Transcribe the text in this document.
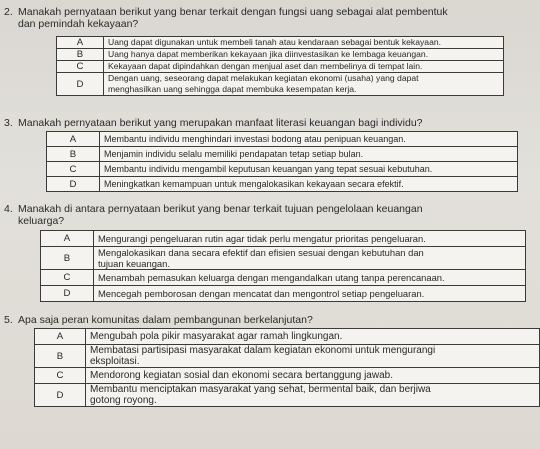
2. Manakah pernyataan berikut yang benar terkait dengan fungsi uang sebagai alat pembentuk
dan pemindah kekayaan?
A	Uang dapat digunakan untuk membeli tanah atau kendaraan sebagai bentuk kekayaan.

B	Uang hanya dapat memberikan kekayaan jika diinvestasikan ke lembaga keuangan.

C	Kekayaan dapat dipindahkan dengan menjual aset dan membelinya di tempat lain.

D	Dengan uang, seseorang dapat melakukan kegiatan ekonomi (usaha) yang dapat
menghasilkan uang sehingga dapat membuka kesempatan kerja.
3. Manakah pernyataan berikut yang merupakan manfaat literasi keuangan bagi individu?
A	Membantu individu menghindari investasi bodong atau penipuan keuangan.
B	Menjamin individu selalu memiliki pendapatan tetap setiap bulan.
C	Membantu individu mengambil keputusan keuangan yang tepat sesuai kebutuhan.
D	Meningkatkan kemampuan untuk mengalokasikan kekayaan secara efektif.
4. Manakah di antara pernyataan berikut yang benar terkait tujuan pengelolaan keuangan
keluarga?
A	Mengurangi pengeluaran rutin agar tidak perlu mengatur prioritas pengeluaran.
B	Mengalokasikan dana secara efektif dan efisien sesuai dengan kebutuhan dan
tujuan keuangan.

C	Menambah pemasukan keluarga dengan mengandalkan utang tanpa perencanaan.
D	Mencegah pemborosan dengan mencatat dan mengontrol setiap pengeluaran.
5. Apa saja peran komunitas dalam pembangunan berkelanjutan?
A	Mengubah pola pikir masyarakat agar ramah lingkungan.
B	Membatasi partisipasi masyarakat dalam kegiatan ekonomi untuk mengurangi
eksploitasi.

C	Mendorong kegiatan sosial dan ekonomi secara bertanggung jawab.
D	Membantu menciptakan masyarakat yang sehat, bermental baik, dan berjiwa
gotong royong.
